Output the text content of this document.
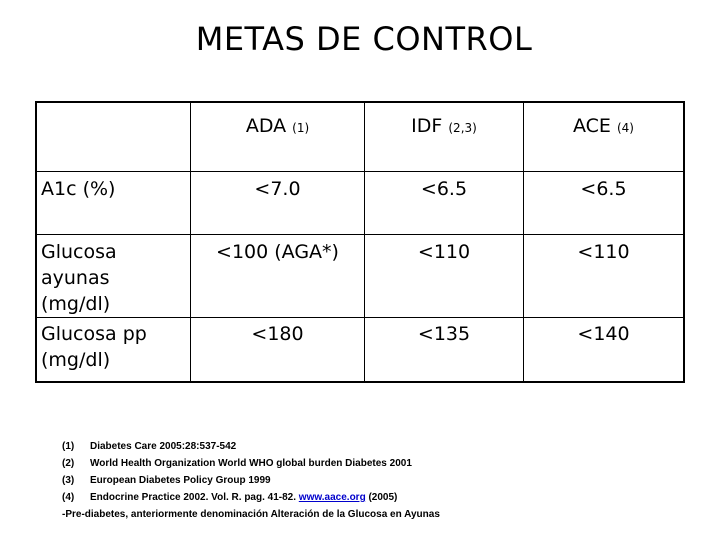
METAS DE CONTROL
	ADA (1)	IDF (2,3)	ACE (4)
A1c (%)	<7.0	<6.5	<6.5

Glucosa
ayunas
(mg/dl)	<100 (AGA*)	<110	<110

Glucosa pp
(mg/dl)	<180	<135	<140
(1)	Diabetes Care 2005:28:537-542
(2)	World Health Organization World WHO global burden Diabetes 2001
(3)	European Diabetes Policy Group 1999
(4)	Endocrine Practice 2002. Vol. R. pag. 41-82.
www.aace.org
(2005)
-Pre-diabetes, anteriormente denominación Alteración de la Glucosa en Ayunas
